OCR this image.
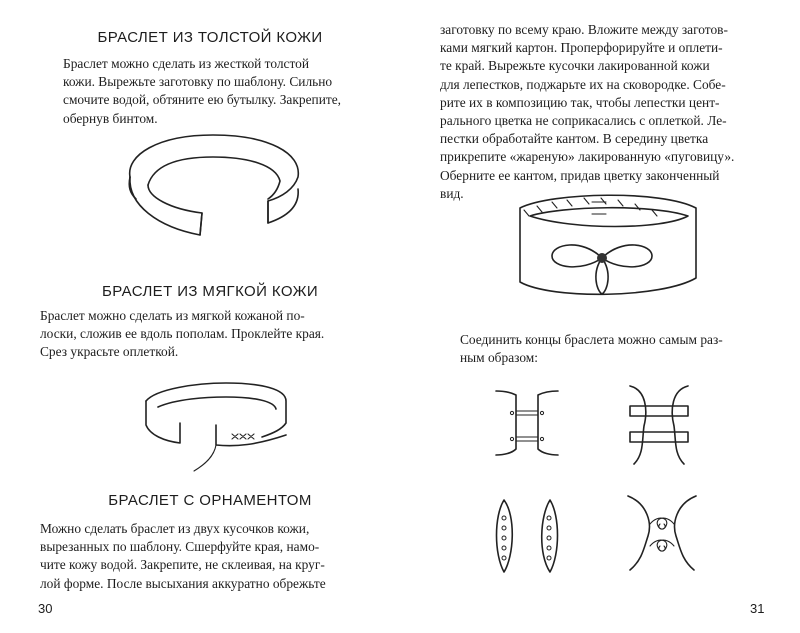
БРАСЛЕТ ИЗ ТОЛСТОЙ КОЖИ
Браслет можно сделать из жесткой толстой
кожи. Вырежьте заготовку по шаблону. Сильно
смочите водой, обтяните ею бутылку. Закрепите,
обернув бинтом.
БРАСЛЕТ ИЗ МЯГКОЙ КОЖИ
Браслет можно сделать из мягкой кожаной по-
лоски, сложив ее вдоль пополам. Проклейте края.
Срез украсьте оплеткой.
БРАСЛЕТ С ОРНАМЕНТОМ
Можно сделать браслет из двух кусочков кожи,
вырезанных по шаблону. Сшерфуйте края, намо-
чите кожу водой. Закрепите, не склеивая, на круг-
лой форме. После высыхания аккуратно обрежьте
30
заготовку по всему краю. Вложите между заготов-
ками мягкий картон. Проперфорируйте и оплети-
те край. Вырежьте кусочки лакированной кожи
для лепестков, поджарьте их на сковородке. Собе-
рите их в композицию так, чтобы лепестки цент-
рального цветка не соприкасались с оплеткой. Ле-
пестки обработайте кантом. В середину цветка
прикрепите «жареную» лакированную «пуговицу».
Оберните ее кантом, придав цветку законченный
вид.
Соединить концы браслета можно самым раз-
ным образом:
31
